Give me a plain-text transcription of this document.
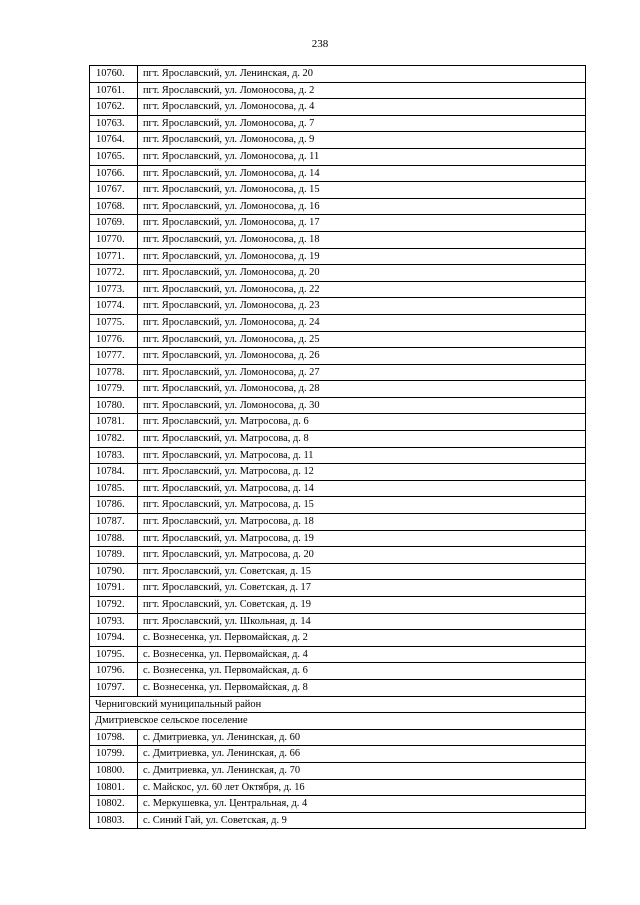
238
10760.	пгт. Ярославский, ул. Ленинская, д. 20
10761.	пгт. Ярославский, ул. Ломоносова, д. 2
10762.	пгт. Ярославский, ул. Ломоносова, д. 4
10763.	пгт. Ярославский, ул. Ломоносова, д. 7
10764.	пгт. Ярославский, ул. Ломоносова, д. 9
10765.	пгт. Ярославский, ул. Ломоносова, д. 11
10766.	пгт. Ярославский, ул. Ломоносова, д. 14
10767.	пгт. Ярославский, ул. Ломоносова, д. 15
10768.	пгт. Ярославский, ул. Ломоносова, д. 16
10769.	пгт. Ярославский, ул. Ломоносова, д. 17
10770.	пгт. Ярославский, ул. Ломоносова, д. 18
10771.	пгт. Ярославский, ул. Ломоносова, д. 19
10772.	пгт. Ярославский, ул. Ломоносова, д. 20
10773.	пгт. Ярославский, ул. Ломоносова, д. 22
10774.	пгт. Ярославский, ул. Ломоносова, д. 23
10775.	пгт. Ярославский, ул. Ломоносова, д. 24
10776.	пгт. Ярославский, ул. Ломоносова, д. 25
10777.	пгт. Ярославский, ул. Ломоносова, д. 26
10778.	пгт. Ярославский, ул. Ломоносова, д. 27
10779.	пгт. Ярославский, ул. Ломоносова, д. 28
10780.	пгт. Ярославский, ул. Ломоносова, д. 30
10781.	пгт. Ярославский, ул. Матросова, д. 6
10782.	пгт. Ярославский, ул. Матросова, д. 8
10783.	пгт. Ярославский, ул. Матросова, д. 11
10784.	пгт. Ярославский, ул. Матросова, д. 12
10785.	пгт. Ярославский, ул. Матросова, д. 14
10786.	пгт. Ярославский, ул. Матросова, д. 15
10787.	пгт. Ярославский, ул. Матросова, д. 18
10788.	пгт. Ярославский, ул. Матросова, д. 19
10789.	пгт. Ярославский, ул. Матросова, д. 20
10790.	пгт. Ярославский, ул. Советская, д. 15
10791.	пгт. Ярославский, ул. Советская, д. 17
10792.	пгт. Ярославский, ул. Советская, д. 19
10793.	пгт. Ярославский, ул. Школьная, д. 14
10794.	с. Вознесенка, ул. Первомайская, д. 2
10795.	с. Вознесенка, ул. Первомайская, д. 4
10796.	с. Вознесенка, ул. Первомайская, д. 6
10797.	с. Вознесенка, ул. Первомайская, д. 8
Черниговский муниципальный район	
Дмитриевское сельское поселение	
10798.	с. Дмитриевка, ул. Ленинская, д. 60
10799.	с. Дмитриевка, ул. Ленинская, д. 66
10800.	с. Дмитриевка, ул. Ленинская, д. 70
10801.	с. Майскос, ул. 60 лет Октября, д. 16
10802.	с. Меркушевка, ул. Центральная, д. 4
10803.	с. Синий Гай, ул. Советская, д. 9
